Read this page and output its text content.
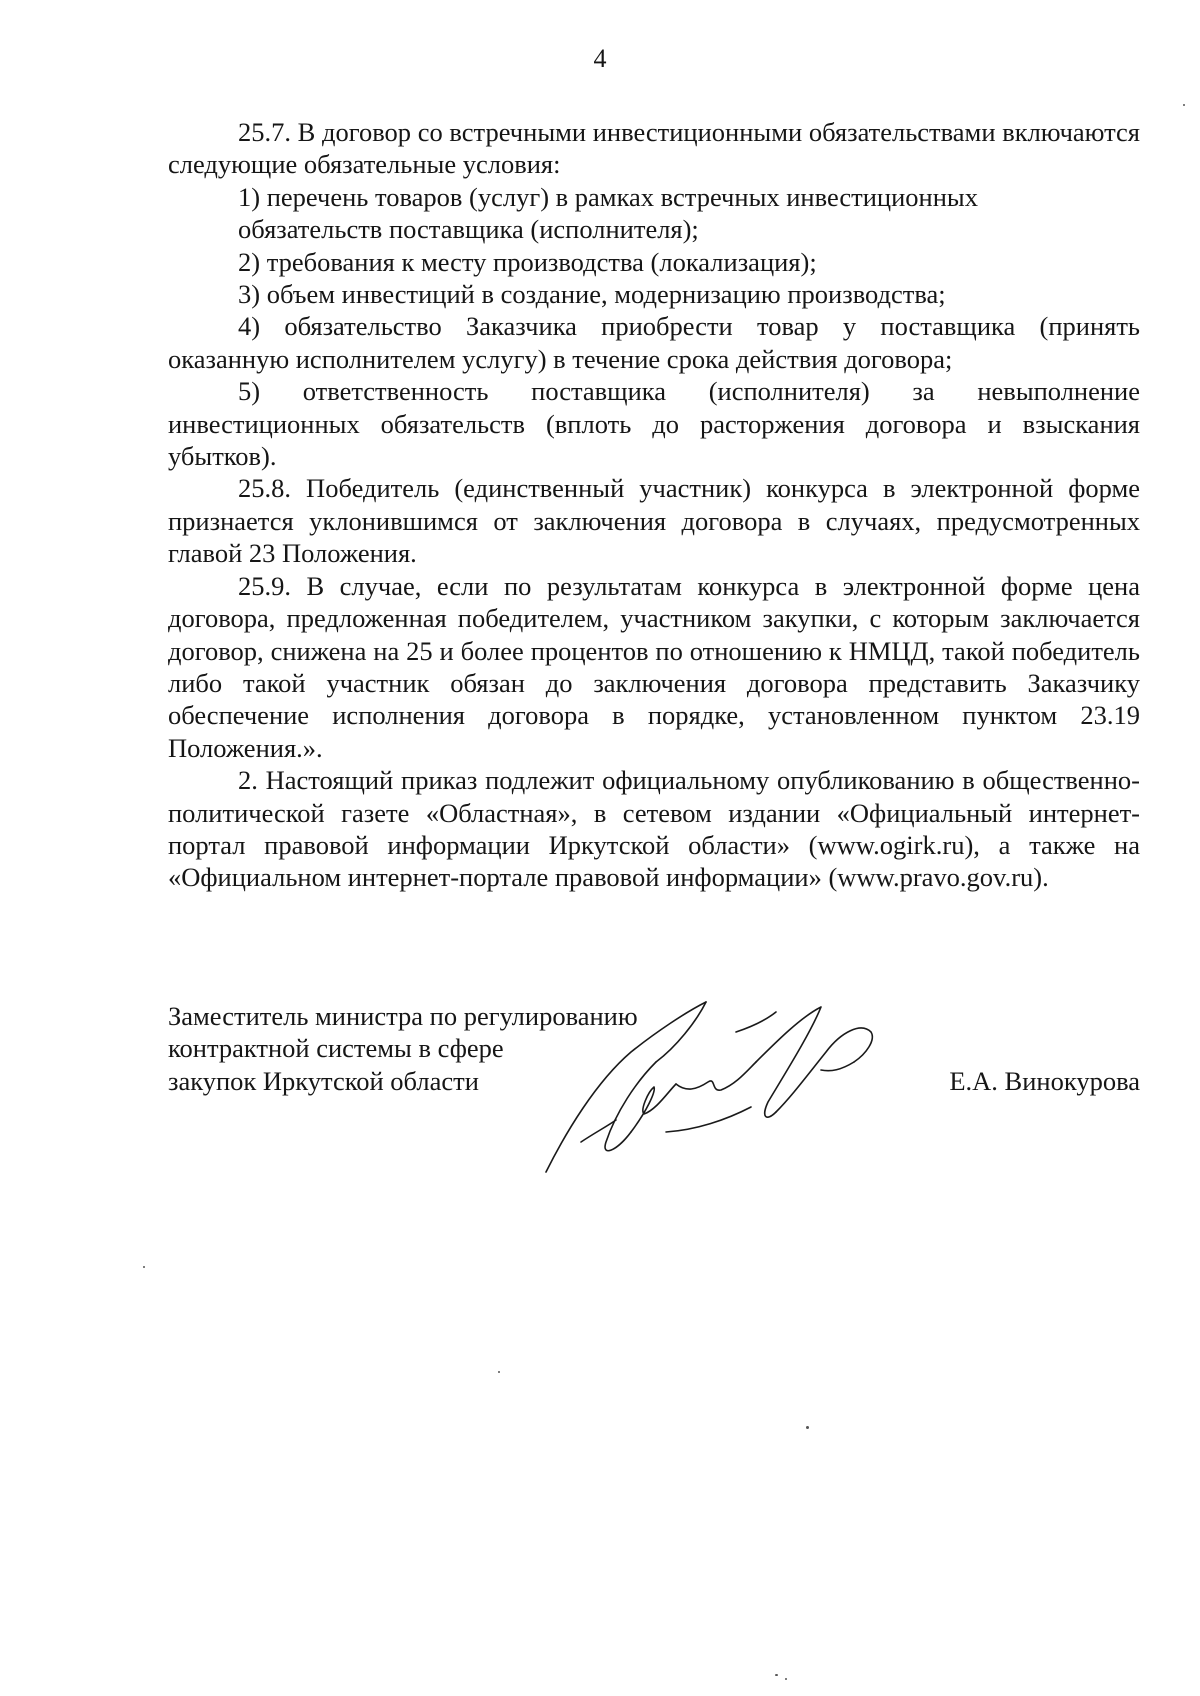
4

25.7. В договор со встречными инвестиционными обязательствами включаются следующие обязательные условия:

1) перечень товаров (услуг) в рамках встречных инвестиционных

обязательств поставщика (исполнителя);

2) требования к месту производства (локализация);

3) объем инвестиций в создание, модернизацию производства;

4) обязательство Заказчика приобрести товар у поставщика (принять оказанную исполнителем услугу) в течение срока действия договора;

5) ответственность поставщика (исполнителя) за невыполнение инвестиционных обязательств (вплоть до расторжения договора и взыскания убытков).

25.8. Победитель (единственный участник) конкурса в электронной форме признается уклонившимся от заключения договора в случаях, предусмотренных главой 23 Положения.

25.9. В случае, если по результатам конкурса в электронной форме цена договора, предложенная победителем, участником закупки, с которым заключается договор, снижена на 25 и более процентов по отношению к НМЦД, такой победитель либо такой участник обязан до заключения договора представить Заказчику обеспечение исполнения договора в порядке, установленном пунктом 23.19 Положения.».

2. Настоящий приказ подлежит официальному опубликованию в общественно-политической газете «Областная», в сетевом издании «Официальный интернет-портал правовой информации Иркутской области» (www.ogirk.ru), а также на «Официальном интернет-портале правовой информации» (www.pravo.gov.ru).

Заместитель министра по регулированию
контрактной системы в сфере
закупок Иркутской области	Е.А. Винокурова
